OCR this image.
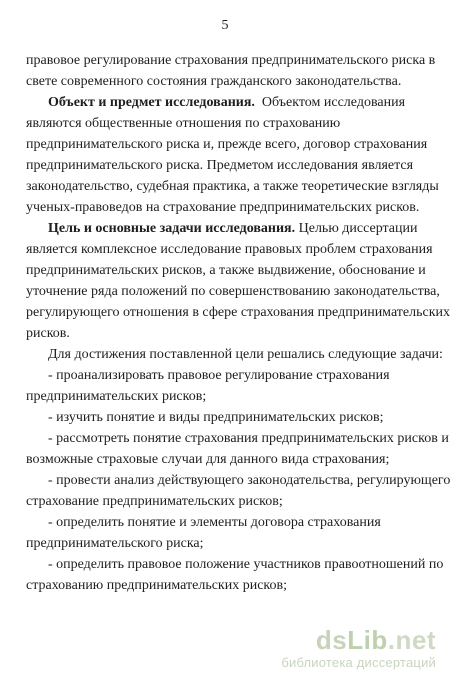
5
правовое регулирование страхования предпринимательского риска в
свете современного состояния гражданского законодательства.
Объект и предмет исследования. Объектом исследования
являются общественные отношения по страхованию
предпринимательского риска и, прежде всего, договор страхования
предпринимательского риска. Предметом исследования является
законодательство, судебная практика, а также теоретические взгляды
ученых-правоведов на страхование предпринимательских рисков.
Цель и основные задачи исследования. Целью диссертации
является комплексное исследование правовых проблем страхования
предпринимательских рисков, а также выдвижение, обоснование и
уточнение ряда положений по совершенствованию законодательства,
регулирующего отношения в сфере страхования предпринимательских
рисков.
Для достижения поставленной цели решались следующие задачи:
- проанализировать правовое регулирование страхования
предпринимательских рисков;
- изучить понятие и виды предпринимательских рисков;
- рассмотреть понятие страхования предпринимательских рисков и
возможные страховые случаи для данного вида страхования;
- провести анализ действующего законодательства, регулирующего
страхование предпринимательских рисков;
- определить понятие и элементы договора страхования
предпринимательского риска;
- определить правовое положение участников правоотношений по
страхованию предпринимательских рисков;
dsLib.net
библиотека диссертаций
